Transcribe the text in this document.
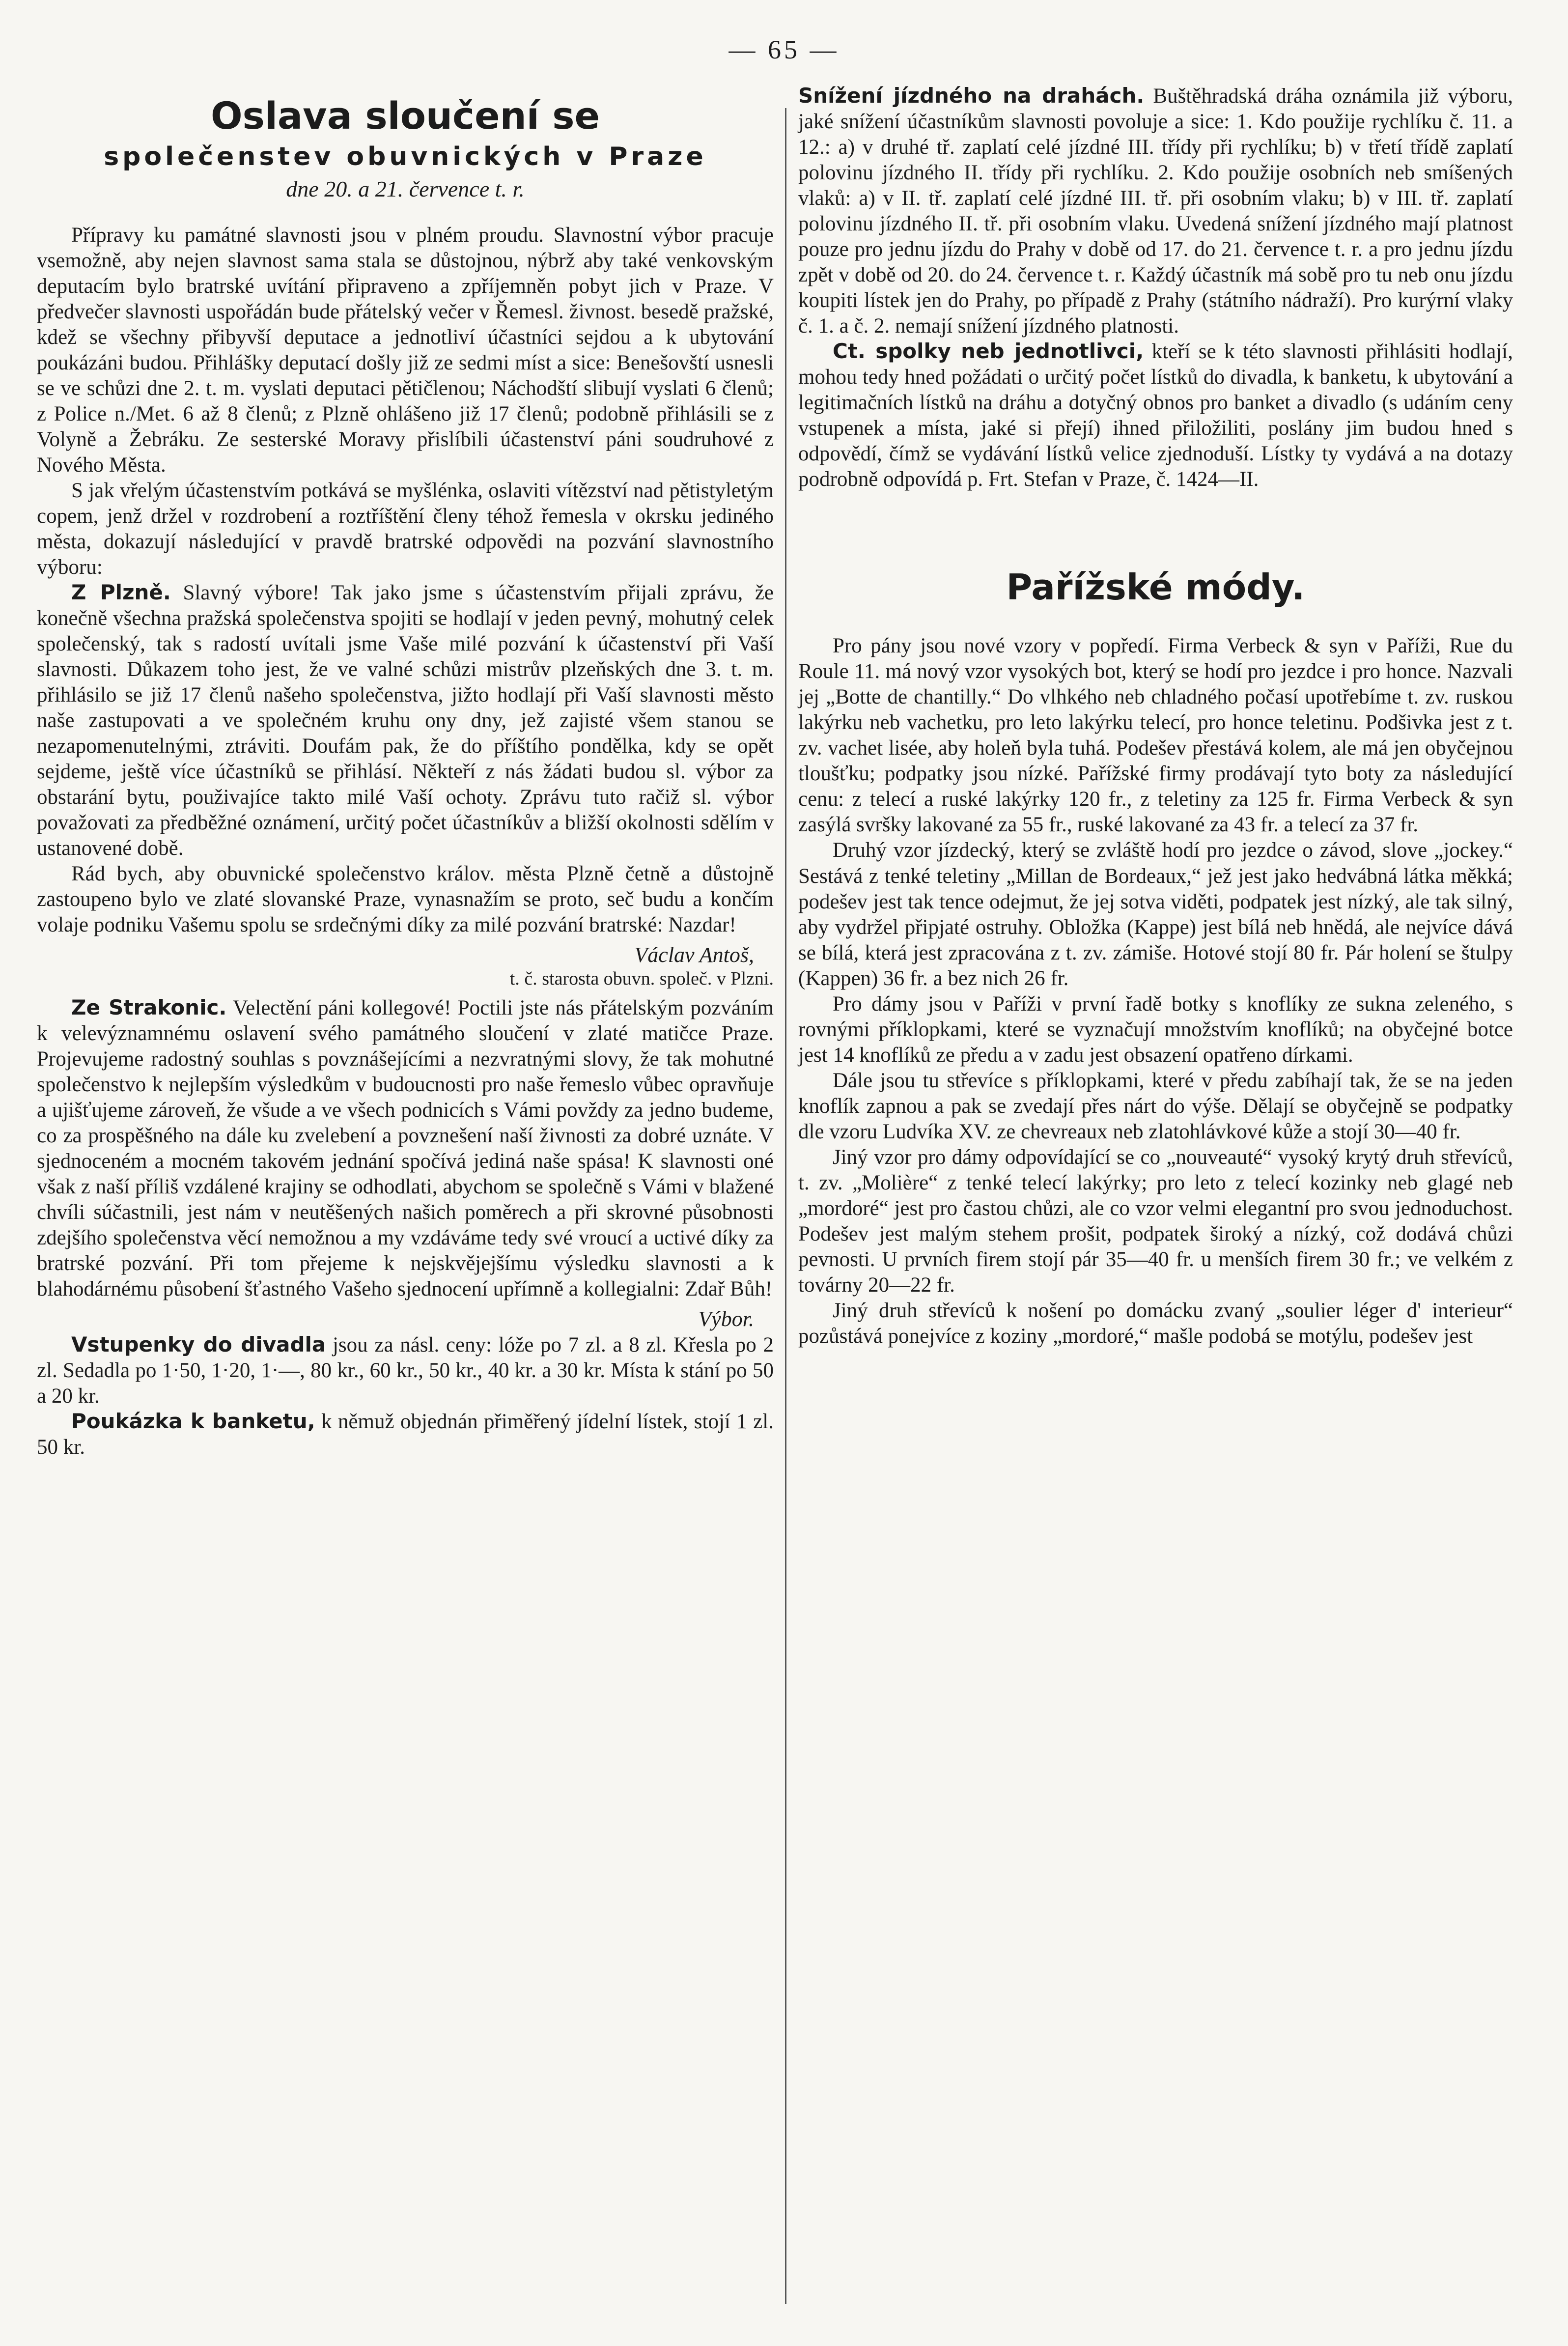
— 65 —
Oslava sloučení se
společenstev obuvnických v Praze
dne 20. a 21. července t. r.

Přípravy ku památné slavnosti jsou v plném proudu. Slavnostní výbor pracuje vsemožně, aby nejen slavnost sama stala se důstojnou, nýbrž aby také venkovským deputacím bylo bratrské uvítání připraveno a zpříjemněn pobyt jich v Praze. V předvečer slavnosti uspořádán bude přátelský večer v Řemesl. živnost. besedě pražské, kdež se všechny přibyvší deputace a jednotliví účastníci sejdou a k ubytování poukázáni budou. Přihlášky deputací došly již ze sedmi míst a sice: Benešovští usnesli se ve schůzi dne 2. t. m. vyslati deputaci pětičlenou; Náchodští slibují vyslati 6 členů; z Police n./Met. 6 až 8 členů; z Plzně ohlášeno již 17 členů; podobně přihlásili se z Volyně a Žebráku. Ze sesterské Moravy přislíbili účastenství páni soudruhové z Nového Města.

S jak vřelým účastenstvím potkává se myšlénka, oslaviti vítězství nad pětistyletým copem, jenž držel v rozdrobení a roztříštění členy téhož řemesla v okrsku jediného města, dokazují následující v pravdě bratrské odpovědi na pozvání slavnostního výboru:

Z Plzně. Slavný výbore! Tak jako jsme s účastenstvím přijali zprávu, že konečně všechna pražská společenstva spojiti se hodlají v jeden pevný, mohutný celek společenský, tak s radostí uvítali jsme Vaše milé pozvání k účastenství při Vaší slavnosti. Důkazem toho jest, že ve valné schůzi mistrův plzeňských dne 3. t. m. přihlásilo se již 17 členů našeho společenstva, jižto hodlají při Vaší slavnosti město naše zastupovati a ve společném kruhu ony dny, jež zajisté všem stanou se nezapomenutelnými, ztráviti. Doufám pak, že do příštího pondělka, kdy se opět sejdeme, ještě více účastníků se přihlásí. Někteří z nás žádati budou sl. výbor za obstarání bytu, použivajíce takto milé Vaší ochoty. Zprávu tuto račiž sl. výbor považovati za předběžné oznámení, určitý počet účastníkův a bližší okolnosti sdělím v ustanovené době.

Rád bych, aby obuvnické společenstvo králov. města Plzně četně a důstojně zastoupeno bylo ve zlaté slovanské Praze, vynasnažím se proto, seč budu a končím volaje podniku Vašemu spolu se srdečnými díky za milé pozvání bratrské: Nazdar!

Václav Antoš,
t. č. starosta obuvn. společ. v Plzni.

Ze Strakonic. Velectění páni kollegové! Poctili jste nás přátelským pozváním k velevýznamnému oslavení svého památného sloučení v zlaté matičce Praze. Projevujeme radostný souhlas s povznášejícími a nezvratnými slovy, že tak mohutné společenstvo k nejlepším výsledkům v budoucnosti pro naše řemeslo vůbec opravňuje a ujišťujeme zároveň, že všude a ve všech podnicích s Vámi povždy za jedno budeme, co za prospěšného na dále ku zvelebení a povznešení naší živnosti za dobré uznáte. V sjednoceném a mocném takovém jednání spočívá jediná naše spása! K slavnosti oné však z naší příliš vzdálené krajiny se odhodlati, abychom se společně s Vámi v blažené chvíli súčastnili, jest nám v neutěšených našich poměrech a při skrovné působnosti zdejšího společenstva věcí nemožnou a my vzdáváme tedy své vroucí a uctivé díky za bratrské pozvání. Při tom přejeme k nejskvějejšímu výsledku slavnosti a k blahodárnému působení šťastného Vašeho sjednocení upřímně a kollegialni: Zdař Bůh!

Výbor.

Vstupenky do divadla jsou za násl. ceny: lóže po 7 zl. a 8 zl. Křesla po 2 zl. Sedadla po 1·50, 1·20, 1·—, 80 kr., 60 kr., 50 kr., 40 kr. a 30 kr. Místa k stání po 50 a 20 kr.

Poukázka k banketu, k němuž objednán přiměřený jídelní lístek, stojí 1 zl. 50 kr.

Snížení jízdného na drahách. Buštěhradská dráha oznámila již výboru, jaké snížení účastníkům slavnosti povoluje a sice: 1. Kdo použije rychlíku č. 11. a 12.: a) v druhé tř. zaplatí celé jízdné III. třídy při rychlíku; b) v třetí třídě zaplatí polovinu jízdného II. třídy při rychlíku. 2. Kdo použije osobních neb smíšených vlaků: a) v II. tř. zaplatí celé jízdné III. tř. při osobním vlaku; b) v III. tř. zaplatí polovinu jízdného II. tř. při osobním vlaku. Uvedená snížení jízdného mají platnost pouze pro jednu jízdu do Prahy v době od 17. do 21. července t. r. a pro jednu jízdu zpět v době od 20. do 24. července t. r. Každý účastník má sobě pro tu neb onu jízdu koupiti lístek jen do Prahy, po případě z Prahy (státního nádraží). Pro kurýrní vlaky č. 1. a č. 2. nemají snížení jízdného platnosti.

Ct. spolky neb jednotlivci, kteří se k této slavnosti přihlásiti hodlají, mohou tedy hned požádati o určitý počet lístků do divadla, k banketu, k ubytování a legitimačních lístků na dráhu a dotyčný obnos pro banket a divadlo (s udáním ceny vstupenek a místa, jaké si přejí) ihned přiložiliti, poslány jim budou hned s odpovědí, čímž se vydávání lístků velice zjednoduší. Lístky ty vydává a na dotazy podrobně odpovídá p. Frt. Stefan v Praze, č. 1424—II.

Pařížské módy.

Pro pány jsou nové vzory v popředí. Firma Verbeck & syn v Paříži, Rue du Roule 11. má nový vzor vysokých bot, který se hodí pro jezdce i pro honce. Nazvali jej „Botte de chantilly.“ Do vlhkého neb chladného počasí upotřebíme t. zv. ruskou lakýrku neb vachetku, pro leto lakýrku telecí, pro honce teletinu. Podšivka jest z t. zv. vachet lisée, aby holeň byla tuhá. Podešev přestává kolem, ale má jen obyčejnou tloušťku; podpatky jsou nízké. Pařížské firmy prodávají tyto boty za následující cenu: z telecí a ruské lakýrky 120 fr., z teletiny za 125 fr. Firma Verbeck & syn zasýlá svršky lakované za 55 fr., ruské lakované za 43 fr. a telecí za 37 fr.

Druhý vzor jízdecký, který se zvláště hodí pro jezdce o závod, slove „jockey.“ Sestává z tenké teletiny „Millan de Bordeaux,“ jež jest jako hedvábná látka měkká; podešev jest tak tence odejmut, že jej sotva viděti, podpatek jest nízký, ale tak silný, aby vydržel připjaté ostruhy. Obložka (Kappe) jest bílá neb hnědá, ale nejvíce dává se bílá, která jest zpracována z t. zv. zámiše. Hotové stojí 80 fr. Pár holení se štulpy (Kappen) 36 fr. a bez nich 26 fr.

Pro dámy jsou v Paříži v první řadě botky s knoflíky ze sukna zeleného, s rovnými příklopkami, které se vyznačují množstvím knoflíků; na obyčejné botce jest 14 knoflíků ze předu a v zadu jest obsazení opatřeno dírkami.

Dále jsou tu střevíce s příklopkami, které v předu zabíhají tak, že se na jeden knoflík zapnou a pak se zvedají přes nárt do výše. Dělají se obyčejně se podpatky dle vzoru Ludvíka XV. ze chevreaux neb zlatohlávkové kůže a stojí 30—40 fr.

Jiný vzor pro dámy odpovídající se co „nouveauté“ vysoký krytý druh střevíců, t. zv. „Molière“ z tenké telecí lakýrky; pro leto z telecí kozinky neb glagé neb „mordoré“ jest pro častou chůzi, ale co vzor velmi elegantní pro svou jednoduchost. Podešev jest malým stehem prošit, podpatek široký a nízký, což dodává chůzi pevnosti. U prvních firem stojí pár 35—40 fr. u menších firem 30 fr.; ve velkém z továrny 20—22 fr.

Jiný druh střevíců k nošení po domácku zvaný „soulier léger d' interieur“ pozůstává ponejvíce z koziny „mordoré,“ mašle podobá se motýlu, podešev jest
